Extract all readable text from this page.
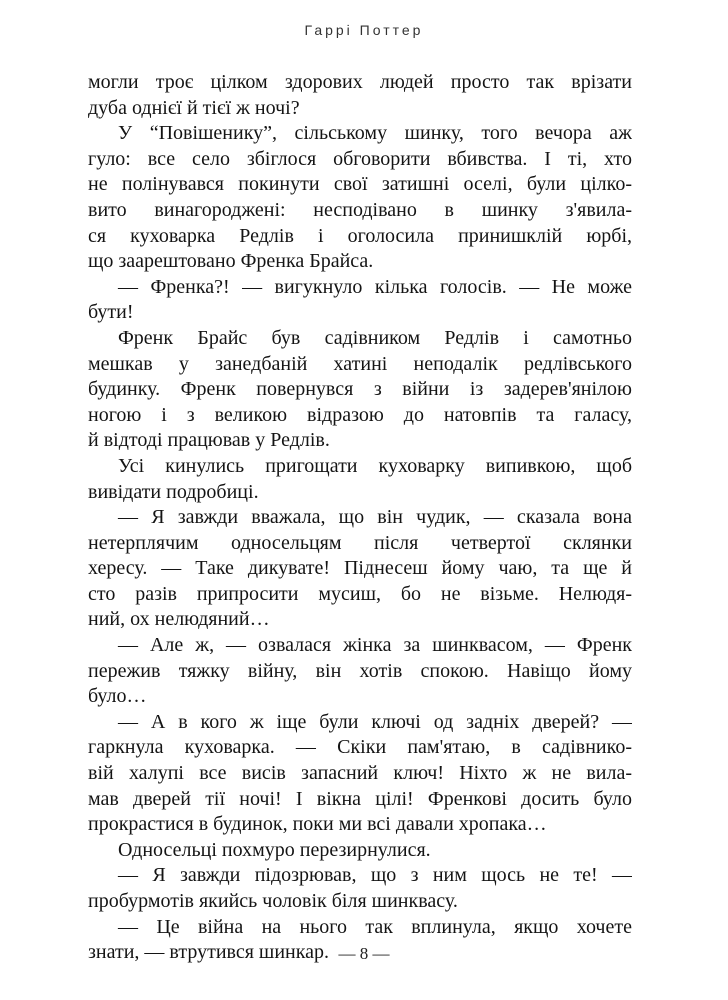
Гаррі Поттер
могли троє цілком здорових людей просто так врізати
дуба однієї й тієї ж ночі?
У “Повішенику”, сільському шинку, того вечора аж
гуло: все село збіглося обговорити вбивства. І ті, хто
не полінувався покинути свої затишні оселі, були цілко-
вито винагороджені: несподівано в шинку з'явила-
ся куховарка Редлів і оголосила принишклій юрбі,
що заарештовано Френка Брайса.
— Френка?! — вигукнуло кілька голосів. — Не може
бути!
Френк Брайс був садівником Редлів і самотньо
мешкав у занедбаній хатині неподалік редлівського
будинку. Френк повернувся з війни із задерев'янілою
ногою і з великою відразою до натовпів та галасу,
й відтоді працював у Редлів.
Усі кинулись пригощати куховарку випивкою, щоб
вивідати подробиці.
— Я завжди вважала, що він чудик, — сказала вона
нетерплячим односельцям після четвертої склянки
хересу. — Таке дикувате! Піднесеш йому чаю, та ще й
сто разів припросити мусиш, бо не візьме. Нелюдя-
ний, ох нелюдяний…
— Але ж, — озвалася жінка за шинквасом, — Френк
пережив тяжку війну, він хотів спокою. Навіщо йому
було…
— А в кого ж іще були ключі од задніх дверей? —
гаркнула куховарка. — Скіки пам'ятаю, в садівнико-
вій халупі все висів запасний ключ! Ніхто ж не вила-
мав дверей тії ночі! І вікна цілі! Френкові досить було
прокрастися в будинок, поки ми всі давали хропака…
Односельці похмуро перезирнулися.
— Я завжди підозрював, що з ним щось не те! —
пробурмотів якийсь чоловік біля шинквасу.
— Це війна на нього так вплинула, якщо хочете
знати, — втрутився шинкар. — 8 —
